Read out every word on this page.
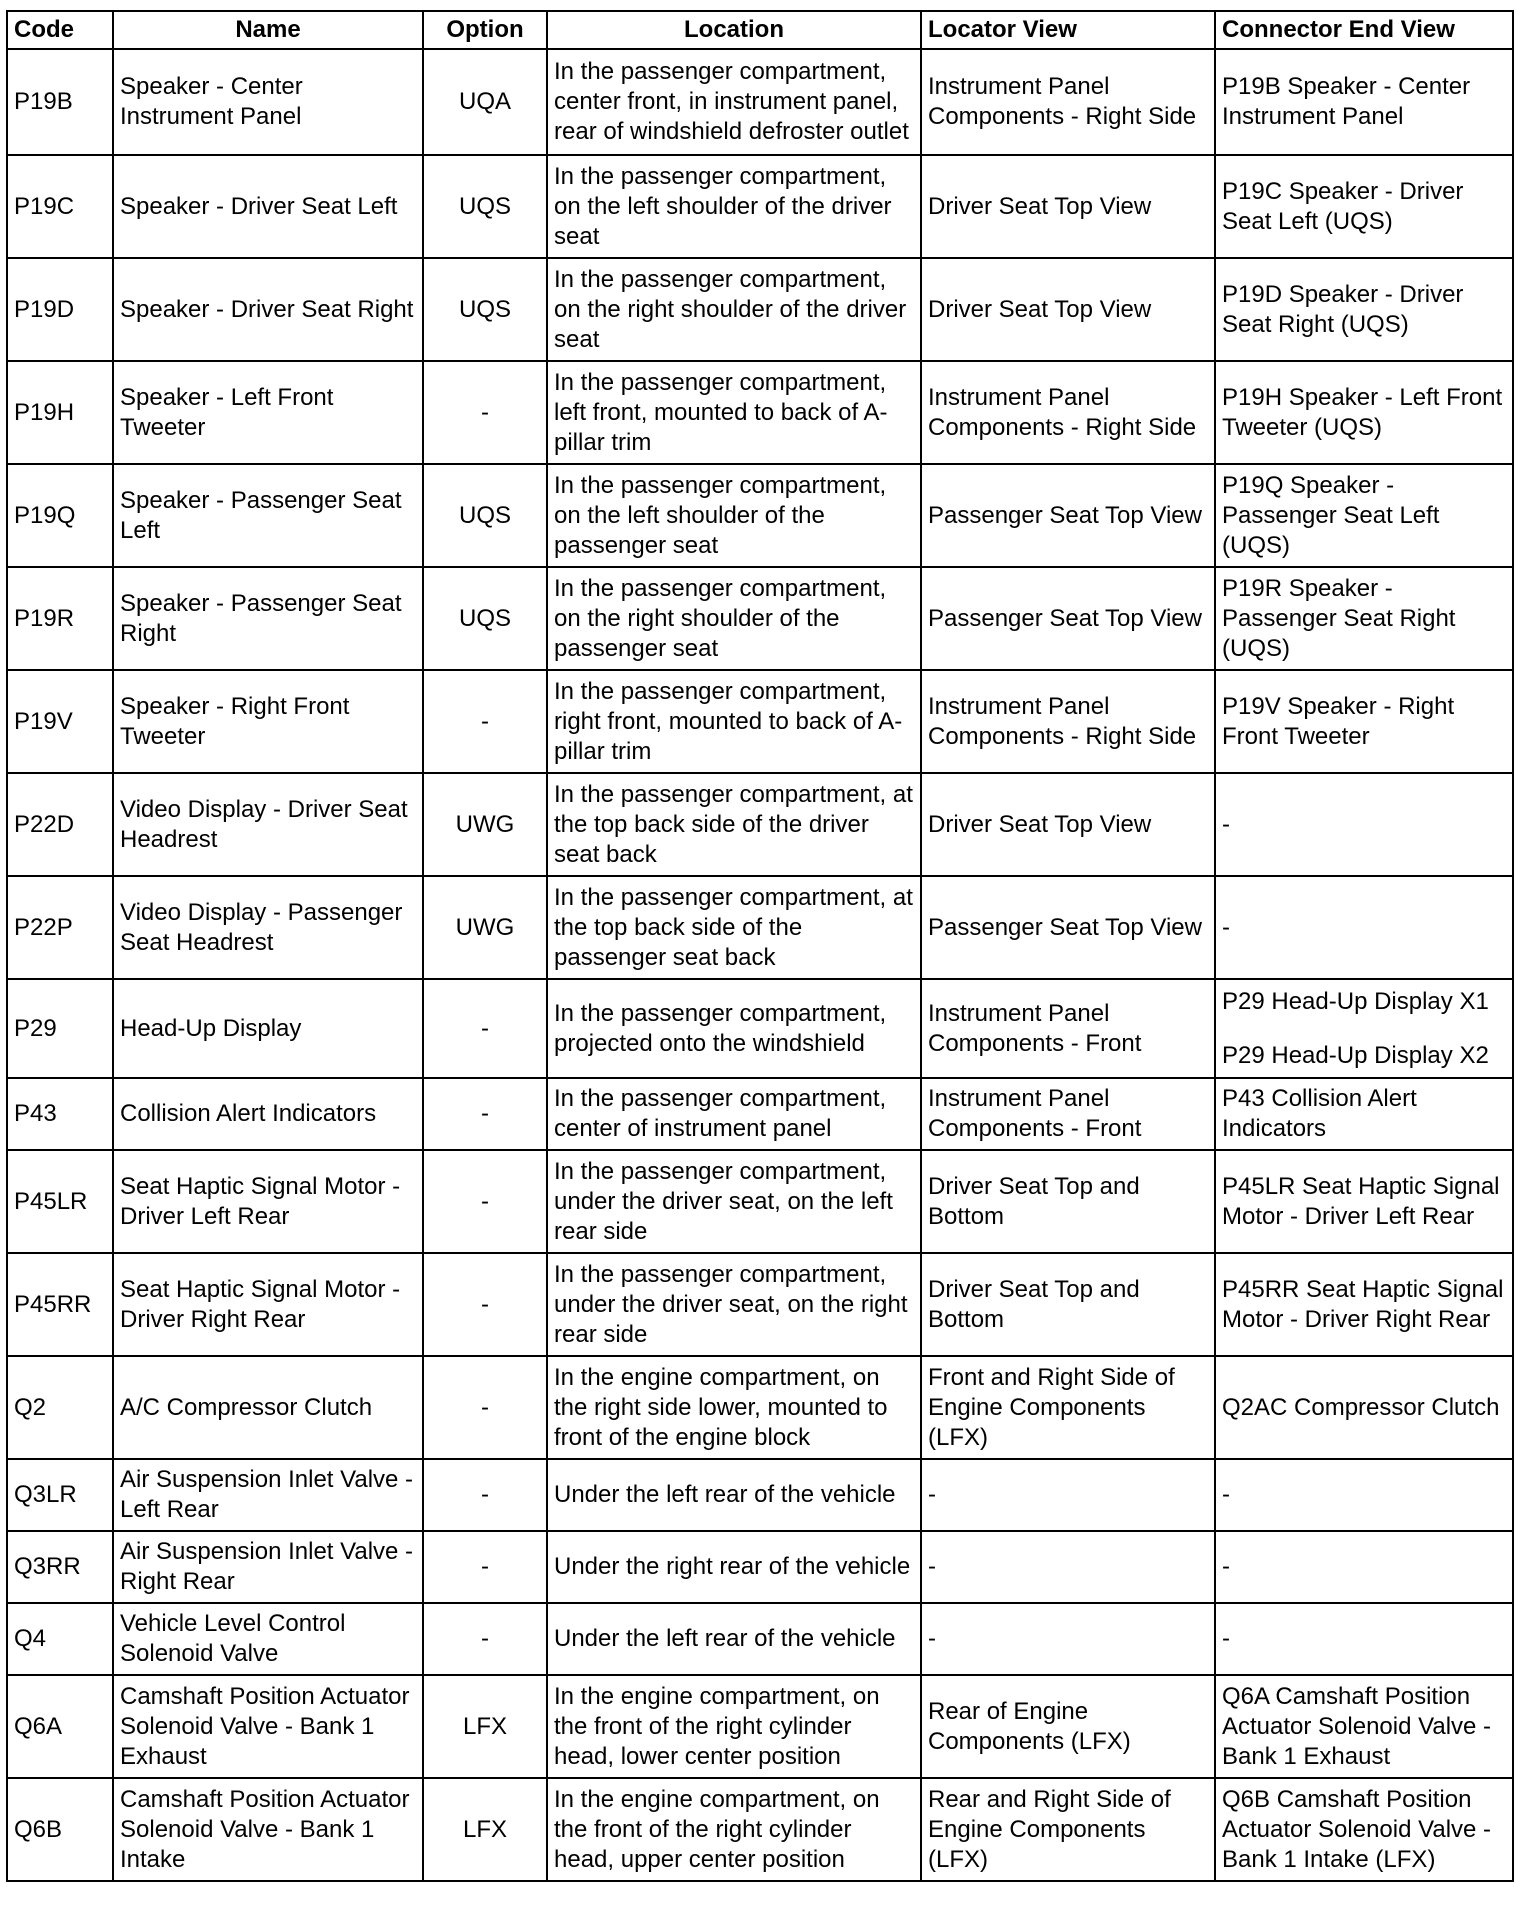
Code	Name	Option	Location	Locator View	Connector End View
P19B	Speaker - Center Instrument Panel	UQA	In the passenger compartment, center front, in instrument panel, rear of windshield defroster outlet	Instrument Panel Components - Right Side	P19B Speaker - Center Instrument Panel
P19C	Speaker - Driver Seat Left	UQS	In the passenger compartment, on the left shoulder of the driver seat	Driver Seat Top View	P19C Speaker - Driver Seat Left (UQS)
P19D	Speaker - Driver Seat Right	UQS	In the passenger compartment, on the right shoulder of the driver seat	Driver Seat Top View	P19D Speaker - Driver Seat Right (UQS)
P19H	Speaker - Left Front Tweeter	-	In the passenger compartment, left front, mounted to back of A-pillar trim	Instrument Panel Components - Right Side	P19H Speaker - Left Front Tweeter (UQS)
P19Q	Speaker - Passenger Seat Left	UQS	In the passenger compartment, on the left shoulder of the passenger seat	Passenger Seat Top View	P19Q Speaker - Passenger Seat Left (UQS)
P19R	Speaker - Passenger Seat Right	UQS	In the passenger compartment, on the right shoulder of the passenger seat	Passenger Seat Top View	P19R Speaker - Passenger Seat Right (UQS)
P19V	Speaker - Right Front Tweeter	-	In the passenger compartment, right front, mounted to back of A-pillar trim	Instrument Panel Components - Right Side	P19V Speaker - Right Front Tweeter
P22D	Video Display - Driver Seat Headrest	UWG	In the passenger compartment, at the top back side of the driver seat back	Driver Seat Top View	-
P22P	Video Display - Passenger Seat Headrest	UWG	In the passenger compartment, at the top back side of the passenger seat back	Passenger Seat Top View	-
P29	Head-Up Display	-	In the passenger compartment, projected onto the windshield	Instrument Panel Components - Front	P29 Head-Up Display X1
P29 Head-Up Display X2

P43	Collision Alert Indicators	-	In the passenger compartment, center of instrument panel	Instrument Panel Components - Front	P43 Collision Alert Indicators
P45LR	Seat Haptic Signal Motor - Driver Left Rear	-	In the passenger compartment, under the driver seat, on the left rear side	Driver Seat Top and Bottom	P45LR Seat Haptic Signal Motor - Driver Left Rear
P45RR	Seat Haptic Signal Motor - Driver Right Rear	-	In the passenger compartment, under the driver seat, on the right rear side	Driver Seat Top and Bottom	P45RR Seat Haptic Signal Motor - Driver Right Rear
Q2	A/C Compressor Clutch	-	In the engine compartment, on the right side lower, mounted to front of the engine block	Front and Right Side of Engine Components (LFX)	Q2AC Compressor Clutch
Q3LR	Air Suspension Inlet Valve - Left Rear	-	Under the left rear of the vehicle	-	-
Q3RR	Air Suspension Inlet Valve - Right Rear	-	Under the right rear of the vehicle	-	-
Q4	Vehicle Level Control Solenoid Valve	-	Under the left rear of the vehicle	-	-
Q6A	Camshaft Position Actuator Solenoid Valve - Bank 1 Exhaust	LFX	In the engine compartment, on the front of the right cylinder head, lower center position	Rear of Engine Components (LFX)	Q6A Camshaft Position Actuator Solenoid Valve - Bank 1 Exhaust
Q6B	Camshaft Position Actuator Solenoid Valve - Bank 1 Intake	LFX	In the engine compartment, on the front of the right cylinder head, upper center position	Rear and Right Side of Engine Components (LFX)	Q6B Camshaft Position Actuator Solenoid Valve - Bank 1 Intake (LFX)
